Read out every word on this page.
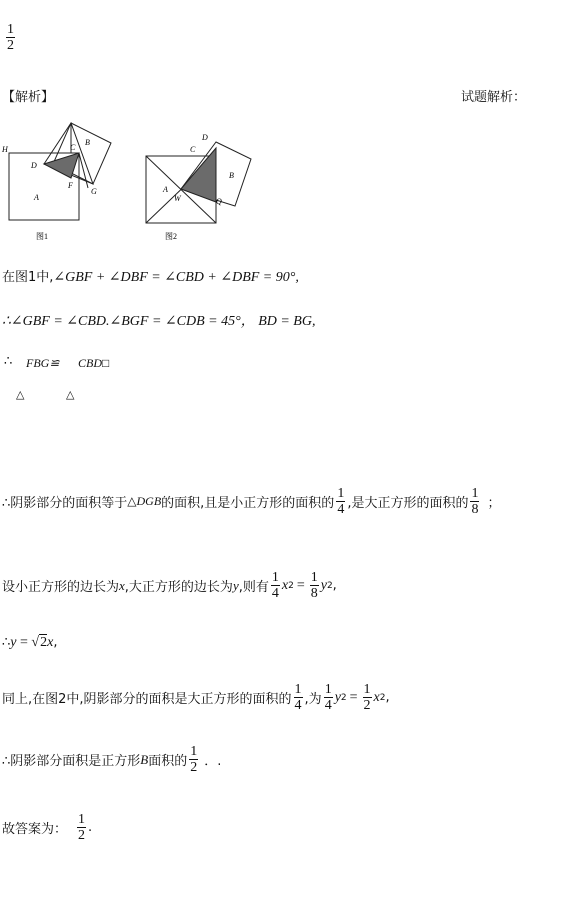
$\frac{1}{2}$
【解析】	试题解析：
H	C
B
D
A
F
G
图1
C
D
A
B
W	Q
图2
在图1中,∠GBF + ∠DBF = ∠CBD + ∠DBF = 90°,
∴∠GBF = ∠CBD.∠BGF = ∠CDB = 45°， BD = BG,
∴ FBG≌ CBD□
△	△
∴阴影部分的面积等于 △DGB 的面积,且是小正方形的面积的 $\frac{1}{4}$ ,是大正方形的面积的 $\frac{1}{8}$ ；
设小正方形的边长为 x ,大正方形的边长为 y ,则有 $\frac{1}{4}$ x $2 = \frac{1}{8}$ y 2 ,
∴ y = √ 2 x ,
同上,在图2中,阴影部分的面积是大正方形的面积的 $\frac{1}{4}$ ,为 $\frac{1}{4}$ y $2 = \frac{1}{2}$ x 2 ,
∴阴影部分面积是正方形 B 面积的 $\frac{1}{2}$ ．.
故答案为： $\frac{1}{2}$ .
